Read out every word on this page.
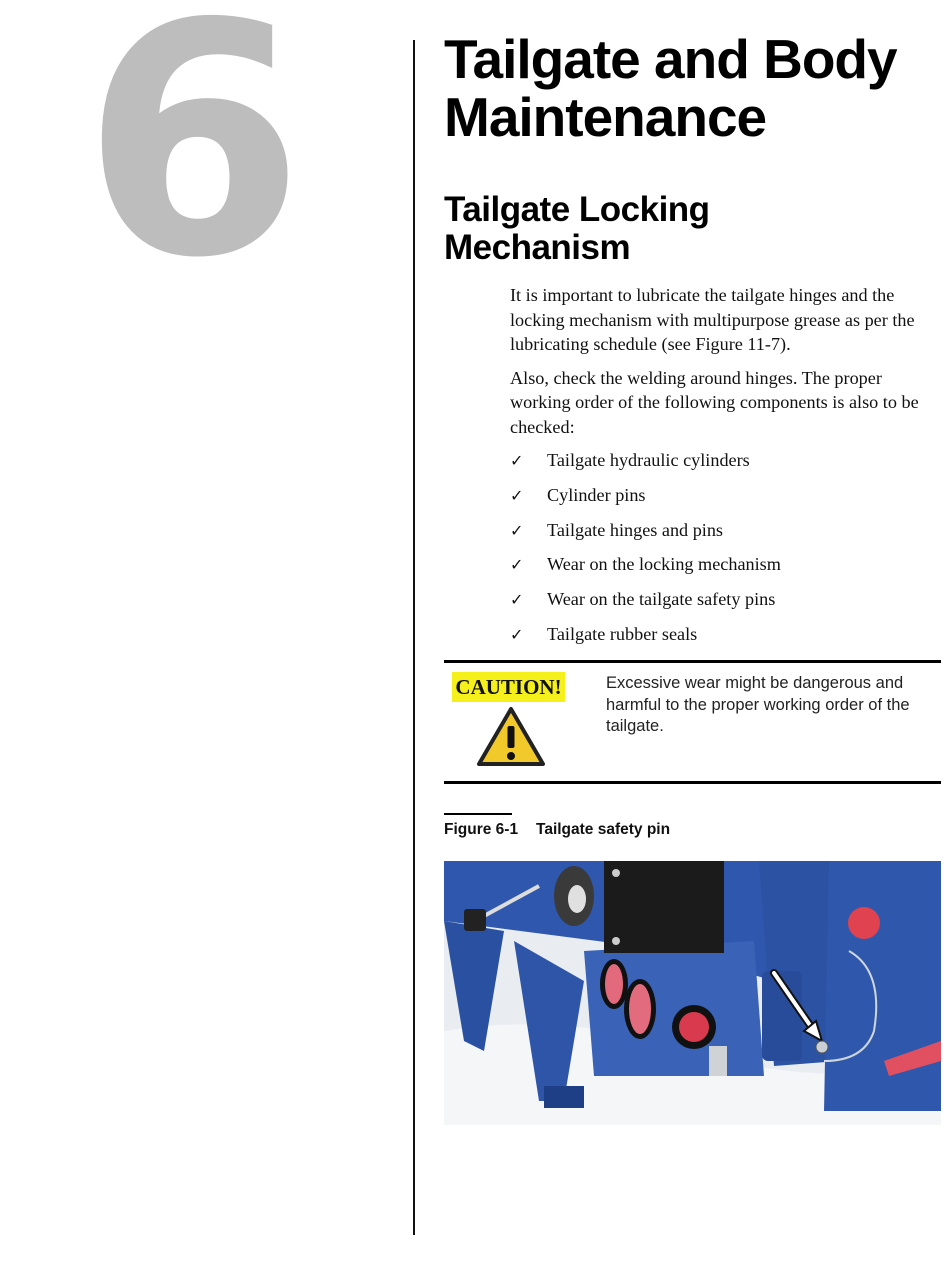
6	Tailgate and Body
Maintenance
Tailgate Locking
Mechanism

It is important to lubricate the tailgate hinges and the locking mechanism with multipurpose grease as per the lubricating schedule (see Figure 11-7).

Also, check the welding around hinges. The proper working order of the following components is also to be checked:

✓	Tailgate hydraulic cylinders
✓	Cylinder pins
✓	Tailgate hinges and pins
✓	Wear on the locking mechanism
✓	Wear on the tailgate safety pins
✓	Tailgate rubber seals
CAUTION!	Excessive wear might be dangerous and harmful to the proper working order of the tailgate.
Figure 6-1 Tailgate safety pin
